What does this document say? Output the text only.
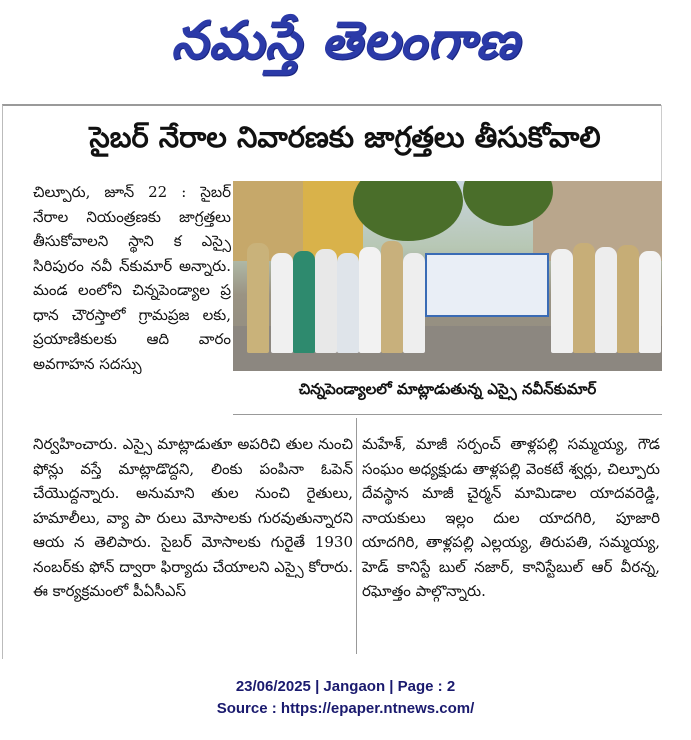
నమస్తే తెలంగాణ
సైబర్ నేరాల నివారణకు జాగ్రత్తలు తీసుకోవాలి

చిల్పూరు, జూన్ 22 : సైబర్ నేరాల నియంత్రణకు జాగ్రత్తలు తీసుకోవాలని స్థాని క ఎస్సై సిరిపురం నవీ న్‌కుమార్ అన్నారు. మండ లంలోని చిన్నపెండ్యాల ప్ర ధాన చౌరస్తాలో గ్రామప్రజ లకు, ప్రయాణికులకు ఆది వారం అవగాహన సదస్సు

చిన్నపెండ్యాలలో మాట్లాడుతున్న ఎస్సై నవీన్‌కుమార్

నిర్వహించారు. ఎస్సై మాట్లాడుతూ అపరిచి తుల నుంచి ఫోన్లు వస్తే మాట్లాడొద్దని, లింకు పంపినా ఓపెన్ చేయొద్దన్నారు. అనుమాని తుల నుంచి రైతులు, హమాలీలు, వ్యా పా రులు మోసాలకు గురవుతున్నారని ఆయ న తెలిపారు. సైబర్ మోసాలకు గురైతే 1930 నంబర్‌కు ఫోన్ ద్వారా ఫిర్యాదు చేయాలని ఎస్సై కోరారు. ఈ కార్యక్రమంలో పీఏసీఎస్

మహేశ్, మాజీ సర్పంచ్ తాళ్లపల్లి సమ్మయ్య, గౌడ సంఘం అధ్యక్షుడు తాళ్లపల్లి వెంకటే శ్వర్లు, చిల్పూరు దేవస్థాన మాజీ చైర్మన్ మామిడాల యాదవరెడ్డి, నాయకులు ఇల్లం దుల యాదగిరి, పూజారి యాదగిరి, తాళ్లపల్లి ఎల్లయ్య, తిరుపతి, సమ్మయ్య, హెడ్ కానిస్టే బుల్ నజార్, కానిస్టేబుల్ ఆర్ వీరన్న, రఘోత్తం పాల్గొన్నారు.

23/06/2025 | Jangaon | Page : 2
Source : https://epaper.ntnews.com/
